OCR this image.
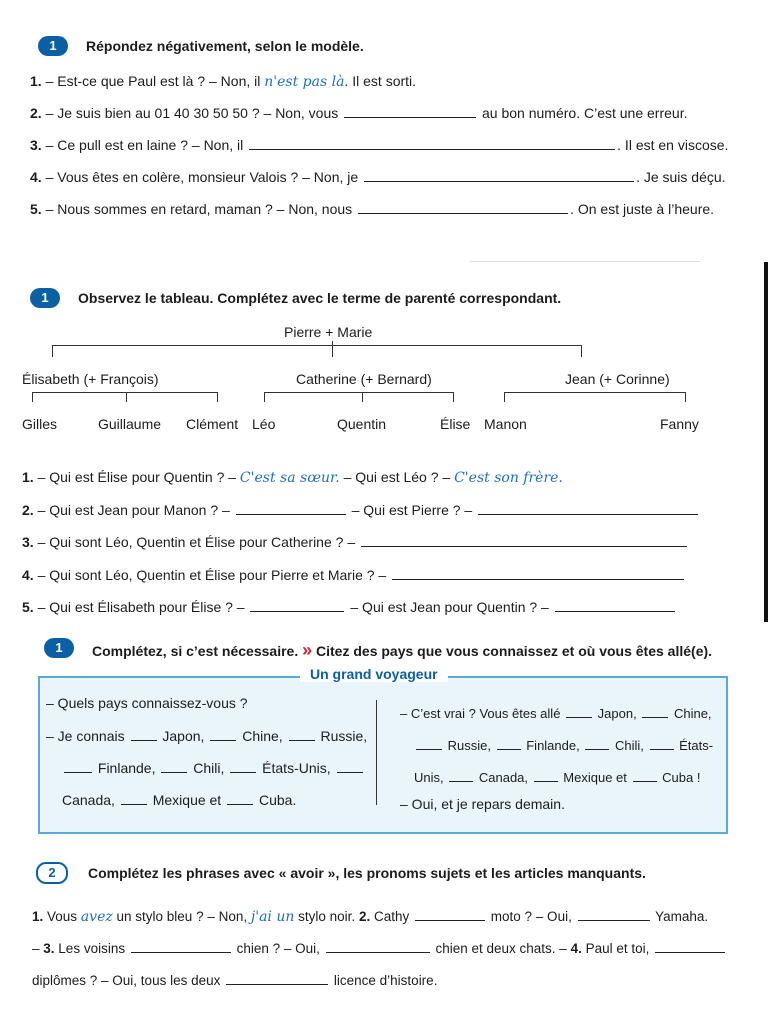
1	Répondez négativement, selon le modèle.
1. – Est-ce que Paul est là ? – Non, il n'est pas là. Il est sorti.
2. – Je suis bien au 01 40 30 50 50 ? – Non, vous	au bon numéro. C’est une erreur.
3. – Ce pull est en laine ? – Non, il	. Il est en viscose.
4. – Vous êtes en colère, monsieur Valois ? – Non, je	. Je suis déçu.
5. – Nous sommes en retard, maman ? – Non, nous	. On est juste à l’heure.
1	Observez le tableau. Complétez avec le terme de parenté correspondant.
Pierre + Marie
Élisabeth (+ François)	Catherine (+ Bernard)	Jean (+ Corinne)
Gilles	Guillaume Clément Léo	Quentin	Élise Manon	Fanny
1. – Qui est Élise pour Quentin ? – C'est sa sœur. – Qui est Léo ? – C'est son frère.
2. – Qui est Jean pour Manon ? –	– Qui est Pierre ? –
3. – Qui sont Léo, Quentin et Élise pour Catherine ? –
4. – Qui sont Léo, Quentin et Élise pour Pierre et Marie ? –
5. – Qui est Élisabeth pour Élise ? –	– Qui est Jean pour Quentin ? –
1	Complétez, si c’est nécessaire. » Citez des pays que vous connaissez et où vous êtes allé(e).
Un grand voyageur
– Quels pays connaissez-vous ?
– Je connais	Japon,	Chine,	Russie,
Finlande,	Chili,	États-Unis,
Canada,	Mexique et	Cuba.
– C’est vrai ? Vous êtes allé	Japon,	Chine,
Russie,	Finlande,	Chili,	États-
Unis,	Canada,	Mexique et	Cuba !
– Oui, et je repars demain.
2	Complétez les phrases avec « avoir », les pronoms sujets et les articles manquants.
1. Vous avez un stylo bleu ? – Non, j'ai un stylo noir. 2. Cathy	moto ? – Oui,	Yamaha.
– 3. Les voisins	chien ? – Oui,	chien et deux chats. – 4. Paul et toi,
diplômes ? – Oui, tous les deux	licence d’histoire.
